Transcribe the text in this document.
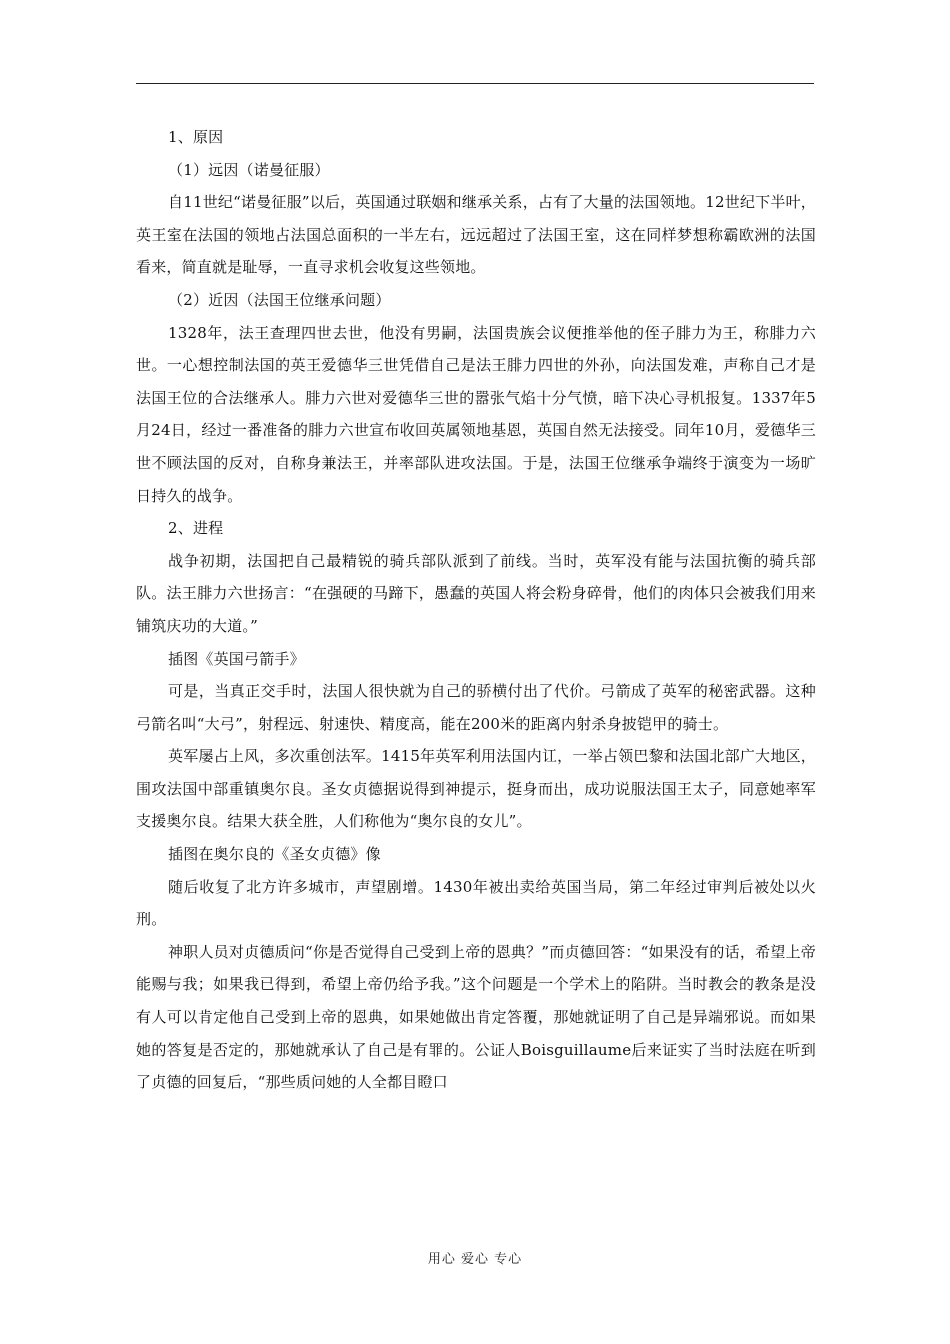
1、原因

（1）远因（诺曼征服）

自11世纪“诺曼征服”以后，英国通过联姻和继承关系，占有了大量的法国领地。12世纪下半叶，英王室在法国的领地占法国总面积的一半左右，远远超过了法国王室，这在同样梦想称霸欧洲的法国看来，简直就是耻辱，一直寻求机会收复这些领地。

（2）近因（法国王位继承问题）

1328年，法王查理四世去世，他没有男嗣，法国贵族会议便推举他的侄子腓力为王，称腓力六世。一心想控制法国的英王爱德华三世凭借自己是法王腓力四世的外孙，向法国发难，声称自己才是法国王位的合法继承人。腓力六世对爱德华三世的嚣张气焰十分气愤，暗下决心寻机报复。1337年5月24日，经过一番准备的腓力六世宣布收回英属领地基恩，英国自然无法接受。同年10月，爱德华三世不顾法国的反对，自称身兼法王，并率部队进攻法国。于是，法国王位继承争端终于演变为一场旷日持久的战争。

2、进程

战争初期，法国把自己最精锐的骑兵部队派到了前线。当时，英军没有能与法国抗衡的骑兵部队。法王腓力六世扬言：“在强硬的马蹄下，愚蠢的英国人将会粉身碎骨，他们的肉体只会被我们用来铺筑庆功的大道。”

插图《英国弓箭手》

可是，当真正交手时，法国人很快就为自己的骄横付出了代价。弓箭成了英军的秘密武器。这种弓箭名叫“大弓”，射程远、射速快、精度高，能在200米的距离内射杀身披铠甲的骑士。

英军屡占上风，多次重创法军。1415年英军利用法国内讧，一举占领巴黎和法国北部广大地区，围攻法国中部重镇奥尔良。圣女贞德据说得到神提示，挺身而出，成功说服法国王太子，同意她率军支援奥尔良。结果大获全胜，人们称他为“奥尔良的女儿”。

插图在奥尔良的《圣女贞德》像

随后收复了北方许多城市，声望剧增。1430年被出卖给英国当局，第二年经过审判后被处以火刑。

神职人员对贞德质问“你是否觉得自己受到上帝的恩典？”而贞德回答：“如果没有的话，希望上帝能赐与我；如果我已得到，希望上帝仍给予我。”这个问题是一个学术上的陷阱。当时教会的教条是没有人可以肯定他自己受到上帝的恩典，如果她做出肯定答覆，那她就证明了自己是异端邪说。而如果她的答复是否定的，那她就承认了自己是有罪的。公证人Boisguillaume后来证实了当时法庭在听到了贞德的回复后，“那些质问她的人全都目瞪口

用心 爱心 专心
